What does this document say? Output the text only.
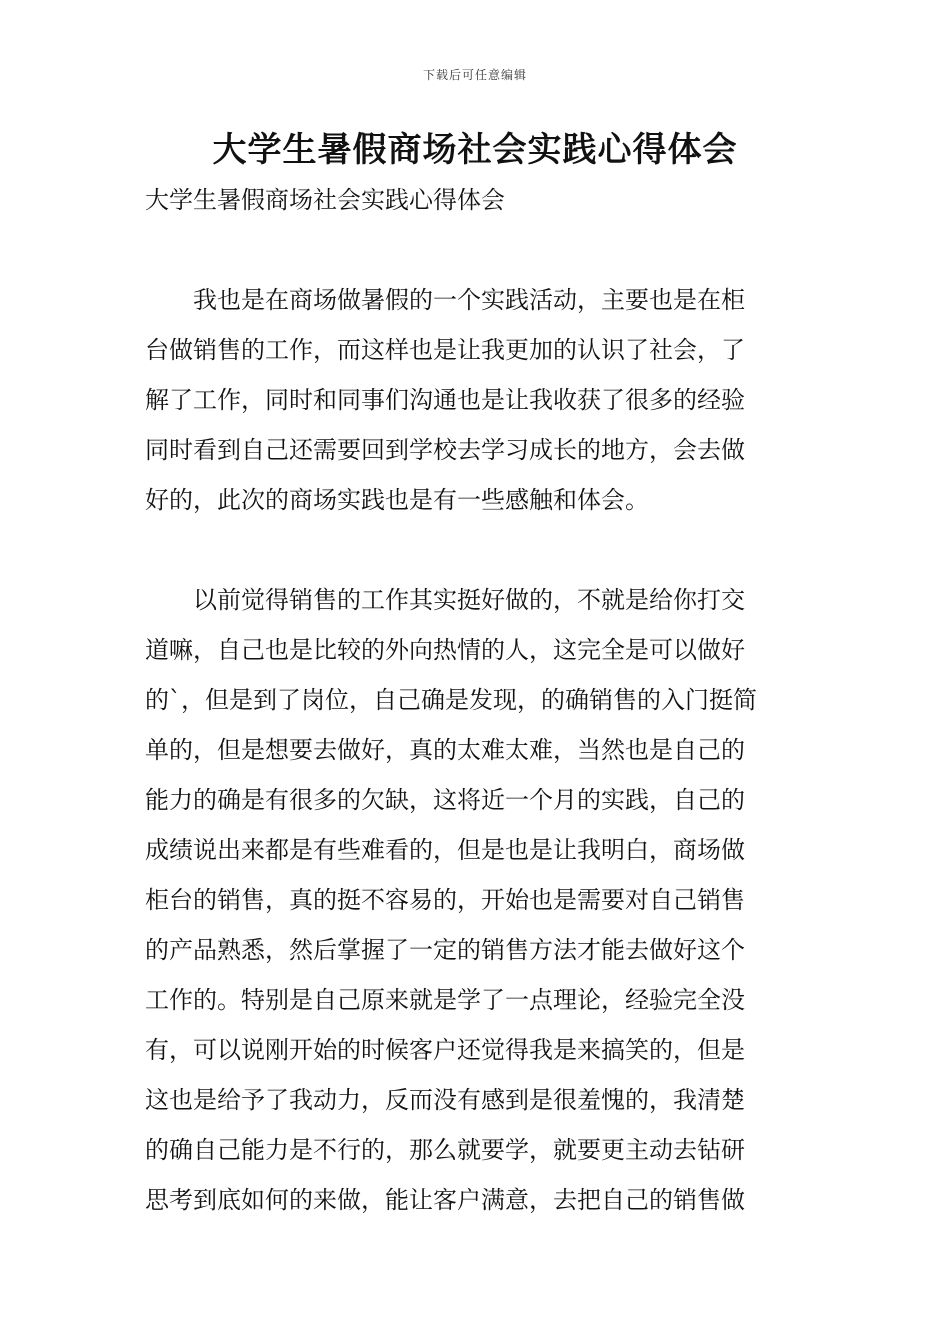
下载后可任意编辑
大学生暑假商场社会实践心得体会
大学生暑假商场社会实践心得体会

　　我也是在商场做暑假的一个实践活动，主要也是在柜
台做销售的工作，而这样也是让我更加的认识了社会，了
解了工作，同时和同事们沟通也是让我收获了很多的经验
同时看到自己还需要回到学校去学习成长的地方，会去做
好的，此次的商场实践也是有一些感触和体会。

　　以前觉得销售的工作其实挺好做的，不就是给你打交
道嘛，自己也是比较的外向热情的人，这完全是可以做好
的`，但是到了岗位，自己确是发现，的确销售的入门挺简
单的，但是想要去做好，真的太难太难，当然也是自己的
能力的确是有很多的欠缺，这将近一个月的实践，自己的
成绩说出来都是有些难看的，但是也是让我明白，商场做
柜台的销售，真的挺不容易的，开始也是需要对自己销售
的产品熟悉，然后掌握了一定的销售方法才能去做好这个
工作的。特别是自己原来就是学了一点理论，经验完全没
有，可以说刚开始的时候客户还觉得我是来搞笑的，但是
这也是给予了我动力，反而没有感到是很羞愧的，我清楚
的确自己能力是不行的，那么就要学，就要更主动去钻研
思考到底如何的来做，能让客户满意，去把自己的销售做
